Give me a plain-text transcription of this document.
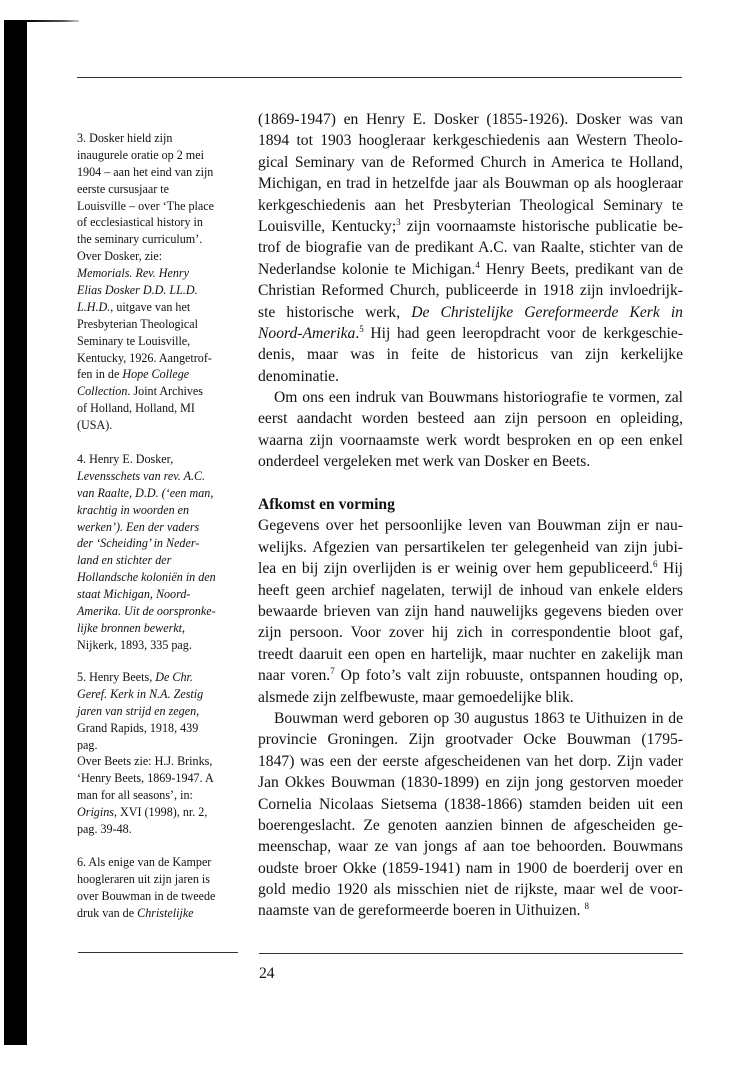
3. Dosker hield zijn
inaugurele oratie op 2 mei
1904 – aan het eind van zijn
eerste cursusjaar te
Louisville – over ‘The place
of ecclesiastical history in
the seminary curriculum’.
Over Dosker, zie:
Memorials. Rev. Henry
Elias Dosker D.D. LL.D.
L.H.D., uitgave van het
Presbyterian Theological
Seminary te Louisville,
Kentucky, 1926. Aangetrof-
fen in de Hope College
Collection. Joint Archives
of Holland, Holland, MI
(USA).
4. Henry E. Dosker,
Levensschets van rev. A.C.
van Raalte, D.D. (‘een man,
krachtig in woorden en
werken’). Een der vaders
der ‘Scheiding’ in Neder-
land en stichter der
Hollandsche koloniën in den
staat Michigan, Noord-
Amerika. Uit de oorspronke-
lijke bronnen bewerkt,
Nijkerk, 1893, 335 pag.
5. Henry Beets, De Chr.
Geref. Kerk in N.A. Zestig
jaren van strijd en zegen,
Grand Rapids, 1918, 439
pag.
Over Beets zie: H.J. Brinks,
‘Henry Beets, 1869-1947. A
man for all seasons’, in:
Origins, XVI (1998), nr. 2,
pag. 39-48.
6. Als enige van de Kamper
hoogleraren uit zijn jaren is
over Bouwman in de tweede
druk van de Christelijke
(1869-1947) en Henry E. Dosker (1855-1926). Dosker was van
1894 tot 1903 hoogleraar kerkgeschiedenis aan Western Theolo-
gical Seminary van de Reformed Church in America te Holland,
Michigan, en trad in hetzelfde jaar als Bouwman op als hoogleraar
kerkgeschiedenis aan het Presbyterian Theological Seminary te
Louisville, Kentucky;$^3$ zijn voornaamste historische publicatie be-
trof de biografie van de predikant A.C. van Raalte, stichter van de
Nederlandse kolonie te Michigan.$^4$ Henry Beets, predikant van de
Christian Reformed Church, publiceerde in 1918 zijn invloedrijk-
ste historische werk, De Christelijke Gereformeerde Kerk in
Noord-Amerika.$^5$ Hij had geen leeropdracht voor de kerkgeschie-
denis, maar was in feite de historicus van zijn kerkelijke
denominatie.
Om ons een indruk van Bouwmans historiografie te vormen, zal
eerst aandacht worden besteed aan zijn persoon en opleiding,
waarna zijn voornaamste werk wordt besproken en op een enkel
onderdeel vergeleken met werk van Dosker en Beets.
Afkomst en vorming
Gegevens over het persoonlijke leven van Bouwman zijn er nau-
welijks. Afgezien van persartikelen ter gelegenheid van zijn jubi-
lea en bij zijn overlijden is er weinig over hem gepubliceerd.$^6$ Hij
heeft geen archief nagelaten, terwijl de inhoud van enkele elders
bewaarde brieven van zijn hand nauwelijks gegevens bieden over
zijn persoon. Voor zover hij zich in correspondentie bloot gaf,
treedt daaruit een open en hartelijk, maar nuchter en zakelijk man
naar voren.$^7$ Op foto’s valt zijn robuuste, ontspannen houding op,
alsmede zijn zelfbewuste, maar gemoedelijke blik.
Bouwman werd geboren op 30 augustus 1863 te Uithuizen in de
provincie Groningen. Zijn grootvader Ocke Bouwman (1795-
1847) was een der eerste afgescheidenen van het dorp. Zijn vader
Jan Okkes Bouwman (1830-1899) en zijn jong gestorven moeder
Cornelia Nicolaas Sietsema (1838-1866) stamden beiden uit een
boerengeslacht. Ze genoten aanzien binnen de afgescheiden ge-
meenschap, waar ze van jongs af aan toe behoorden. Bouwmans
oudste broer Okke (1859-1941) nam in 1900 de boerderij over en
gold medio 1920 als misschien niet de rijkste, maar wel de voor-
naamste van de gereformeerde boeren in Uithuizen. $^8$
24
